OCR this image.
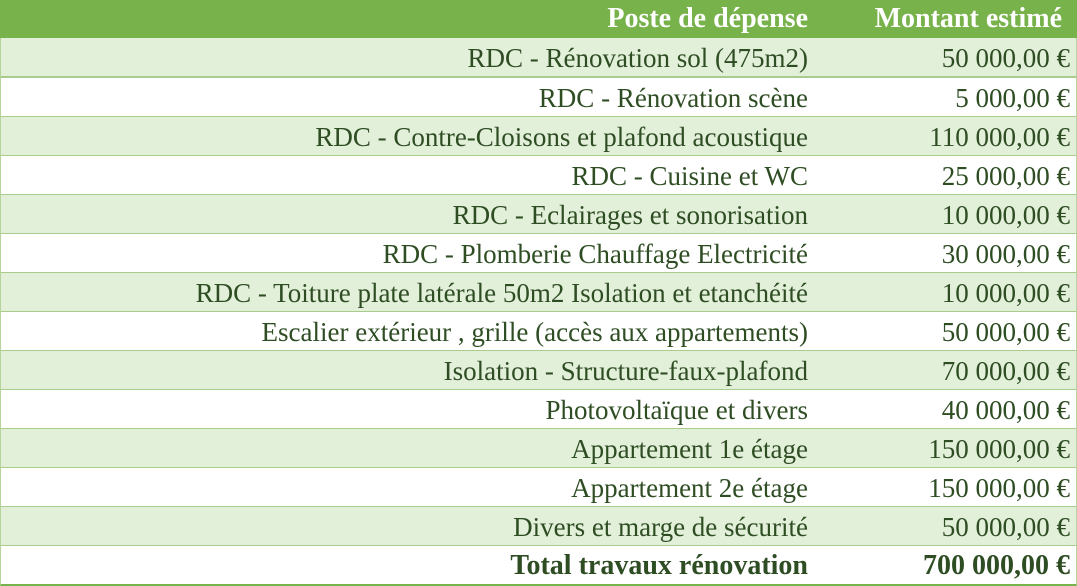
Poste de dépense	Montant estimé
RDC - Rénovation sol (475m2)	50 000,00 €
RDC - Rénovation scène	5 000,00 €
RDC - Contre-Cloisons et plafond acoustique	110 000,00 €
RDC - Cuisine et WC	25 000,00 €
RDC - Eclairages et sonorisation	10 000,00 €
RDC - Plomberie Chauffage Electricité	30 000,00 €
RDC - Toiture plate latérale 50m2 Isolation et etanchéité	10 000,00 €
Escalier extérieur , grille (accès aux appartements)	50 000,00 €
Isolation - Structure-faux-plafond	70 000,00 €
Photovoltaïque et divers	40 000,00 €
Appartement 1e étage	150 000,00 €
Appartement 2e étage	150 000,00 €
Divers et marge de sécurité	50 000,00 €
Total travaux rénovation	700 000,00 €
